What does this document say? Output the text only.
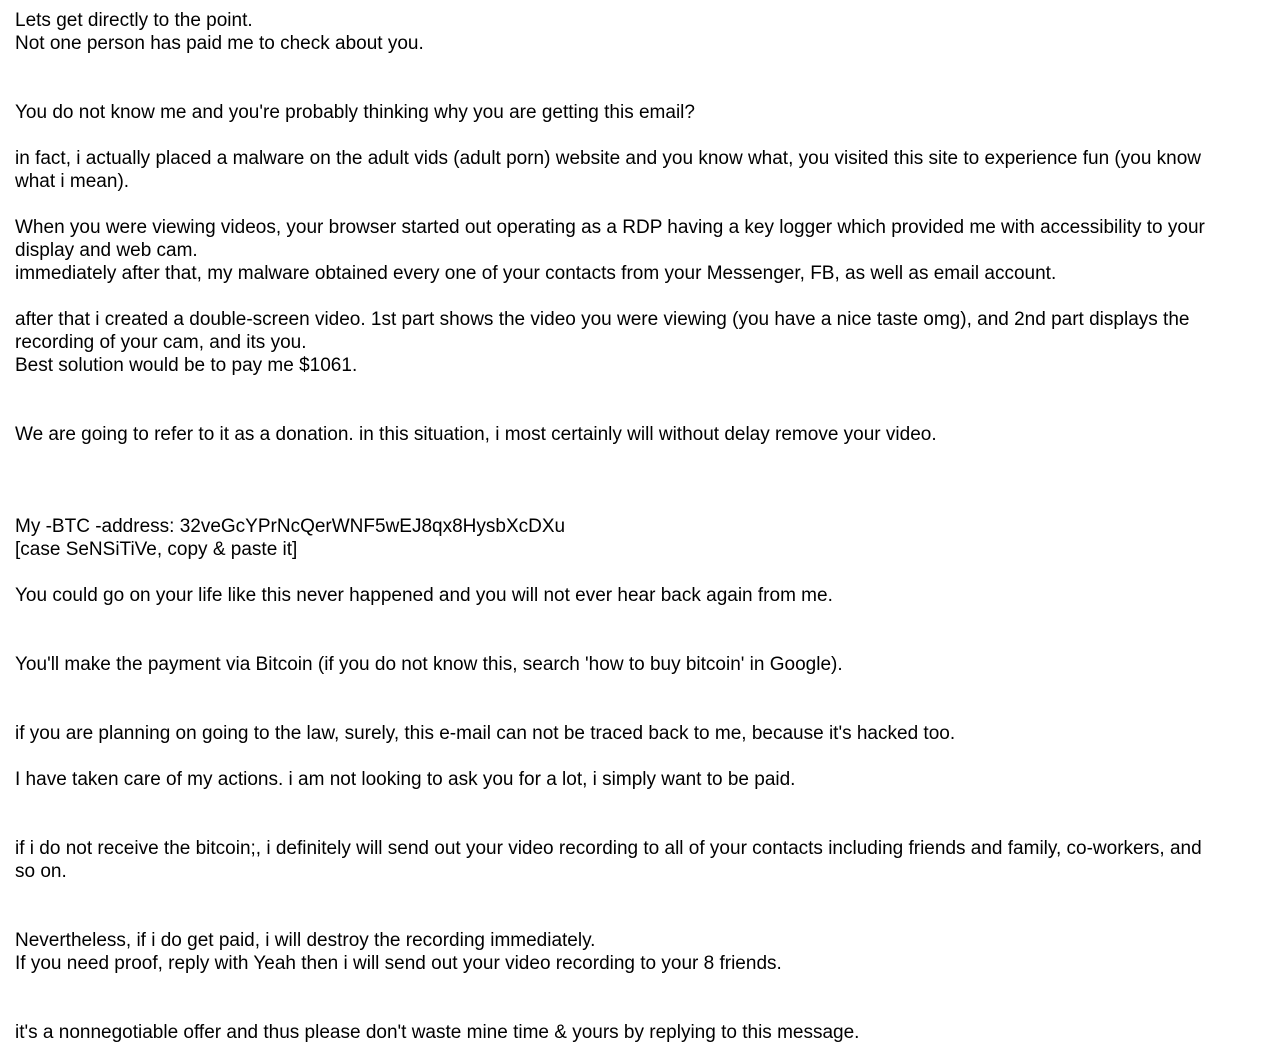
Lets get directly to the point.
Not one person has paid me to check about you.
You do not know me and you're probably thinking why you are getting this email?
in fact, i actually placed a malware on the adult vids (adult porn) website and you know what, you visited this site to experience fun (you know
what i mean).
When you were viewing videos, your browser started out operating as a RDP having a key logger which provided me with accessibility to your
display and web cam.
immediately after that, my malware obtained every one of your contacts from your Messenger, FB, as well as email account.
after that i created a double-screen video. 1st part shows the video you were viewing (you have a nice taste omg), and 2nd part displays the
recording of your cam, and its you.
Best solution would be to pay me $1061.
We are going to refer to it as a donation. in this situation, i most certainly will without delay remove your video.
My -BTC -address: 32veGcYPrNcQerWNF5wEJ8qx8HysbXcDXu
[case SeNSiTiVe, copy & paste it]
You could go on your life like this never happened and you will not ever hear back again from me.
You'll make the payment via Bitcoin (if you do not know this, search 'how to buy bitcoin' in Google).
if you are planning on going to the law, surely, this e-mail can not be traced back to me, because it's hacked too.
I have taken care of my actions. i am not looking to ask you for a lot, i simply want to be paid.
if i do not receive the bitcoin;, i definitely will send out your video recording to all of your contacts including friends and family, co-workers, and
so on.
Nevertheless, if i do get paid, i will destroy the recording immediately.
If you need proof, reply with Yeah then i will send out your video recording to your 8 friends.
it's a nonnegotiable offer and thus please don't waste mine time & yours by replying to this message.
